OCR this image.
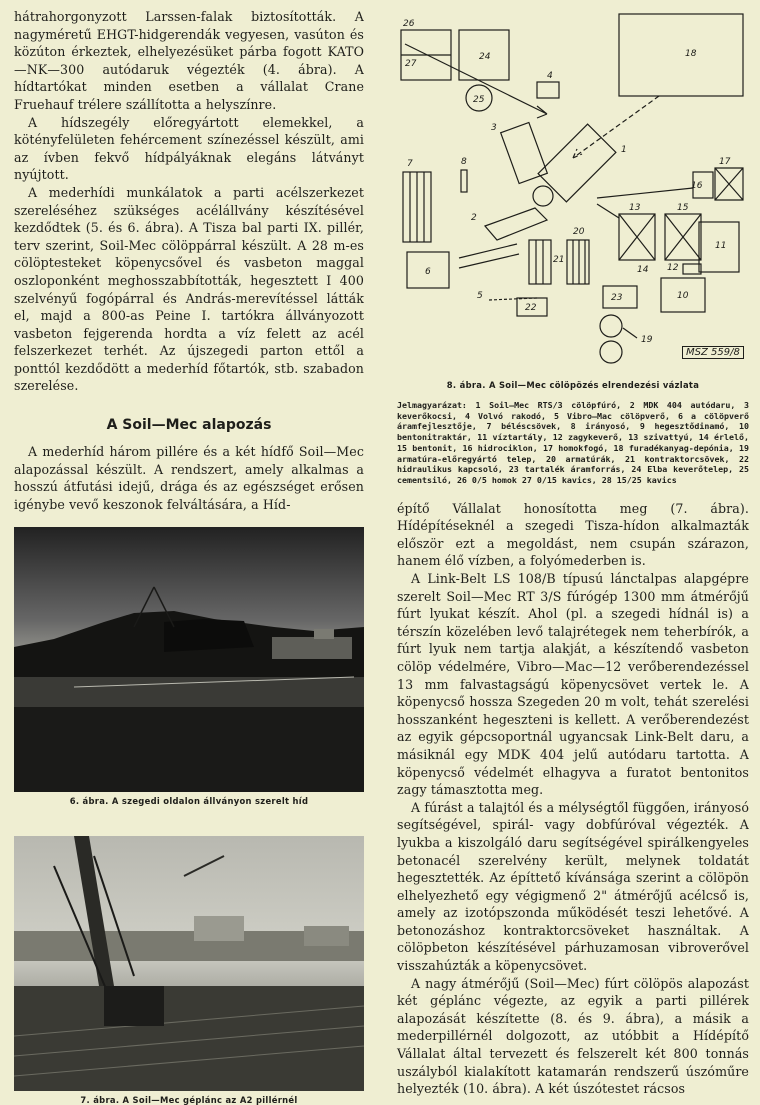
hátrahorgonyzott Larssen-falak biztosították. A nagyméretű EHGT-hidgerendák vegyesen, vasúton és közúton érkeztek, elhelyezésüket párba fogott KATO—NK—300 autódaruk végezték (4. ábra). A hídtartókat minden esetben a vállalat Crane Fruehauf trélere szállította a helyszínre.

A hídszegély előregyártott elemekkel, a kötényfelületen fehércement színezéssel készült, ami az ívben fekvő hídpályáknak elegáns látványt nyújtott.

A mederhídi munkálatok a parti acélszerkezet szereléséhez szükséges acélállvány készítésével kezdődtek (5. és 6. ábra). A Tisza bal parti IX. pillér, terv szerint, Soil-Mec cölöppárral készült. A 28 m-es cölöptesteket köpenycsővel és vasbeton maggal oszloponként meghosszabbították, hegesztett I 400 szelvényű fogópárral és András-merevítéssel látták el, majd a 800-as Peine I. tartókra állványozott vasbeton fejgerenda hordta a víz felett az acél felszerkezet terhét. Az újszegedi parton ettől a ponttól kezdődött a mederhíd főtartók, stb. szabadon szerelése.

A Soil—Mec alapozás

A mederhíd három pillére és a két hídfő Soil—Mec alapozással készült. A rendszert, amely alkalmas a hosszú átfutási idejű, drága és az egészséget erősen igénybe vevő keszonok felváltására, a Híd-

6. ábra. A szegedi oldalon állványon szerelt híd
7. ábra. A Soil—Mec géplánc az A2 pillérnél
26
27
24
25
18
4
3
1
7	8
6
2
5
22
21
20
23	10
11
12
13
14
15
16
17
19
MSZ 559/8
8. ábra. A Soil—Mec cölöpözés elrendezési vázlata
Jelmagyarázat: 1 Soil—Mec RTS/3 cölöpfúró, 2 MDK 404 autódaru, 3 keverőkocsi, 4 Volvó rakodó, 5 Vibro—Mac cölöpverő, 6 a cölöpverő áramfejlesztője, 7 béléscsövek, 8 irányosó, 9 hegesztődinamó, 10 bentonitraktár, 11 víztartály, 12 zagykeverő, 13 szivattyú, 14 érlelő, 15 bentonit, 16 hidrociklon, 17 homokfogó, 18 furadékanyag-depónia, 19 armatúra-előregyártó telep, 20 armatúrák, 21 kontraktorcsövek, 22 hidraulikus kapcsoló, 23 tartalék áramforrás, 24 Elba keverőtelep, 25 cementsiló, 26 0/5 homok 27 0/15 kavics, 28 15/25 kavics

építő Vállalat honosította meg (7. ábra). Hídépítéseknél a szegedi Tisza-hídon alkalmazták először ezt a megoldást, nem csupán szárazon, hanem élő vízben, a folyómederben is.

A Link-Belt LS 108/B típusú lánctalpas alapgépre szerelt Soil—Mec RT 3/S fúrógép 1300 mm átmérőjű fúrt lyukat készít. Ahol (pl. a szegedi hídnál is) a térszín közelében levő talajrétegek nem teherbírók, a fúrt lyuk nem tartja alakját, a készítendő vasbeton cölöp védelmére, Vibro—Mac—12 verőberendezéssel 13 mm falvastagságú köpenycsövet vertek le. A köpenycső hossza Szegeden 20 m volt, tehát szerelési hosszanként hegeszteni is kellett. A verőberendezést az egyik gépcsoportnál ugyancsak Link-Belt daru, a másiknál egy MDK 404 jelű autódaru tartotta. A köpenycső védelmét elhagyva a furatot bentonitos zagy támasztotta meg.

A fúrást a talajtól és a mélységtől függően, irányosó segítségével, spirál- vagy dobfúróval végezték. A lyukba a kiszolgáló daru segítségével spirálkengyeles betonacél szerelvény került, melynek toldatát hegesztették. Az építtető kívánsága szerint a cölöpön elhelyezhető egy végigmenő 2" átmérőjű acélcső is, amely az izotópszonda működését teszi lehetővé. A betonozáshoz kontraktorcsöveket használtak. A cölöpbeton készítésével párhuzamosan vibroverővel visszahúzták a köpenycsövet.

A nagy átmérőjű (Soil—Mec) fúrt cölöpös alapozást két géplánc végezte, az egyik a parti pillérek alapozását készítette (8. és 9. ábra), a másik a mederpillérnél dolgozott, az utóbbit a Hídépítő Vállalat által tervezett és felszerelt két 800 tonnás uszályból kialakított katamarán rendszerű úszóműre helyezték (10. ábra). A két úszótestet rácsos
